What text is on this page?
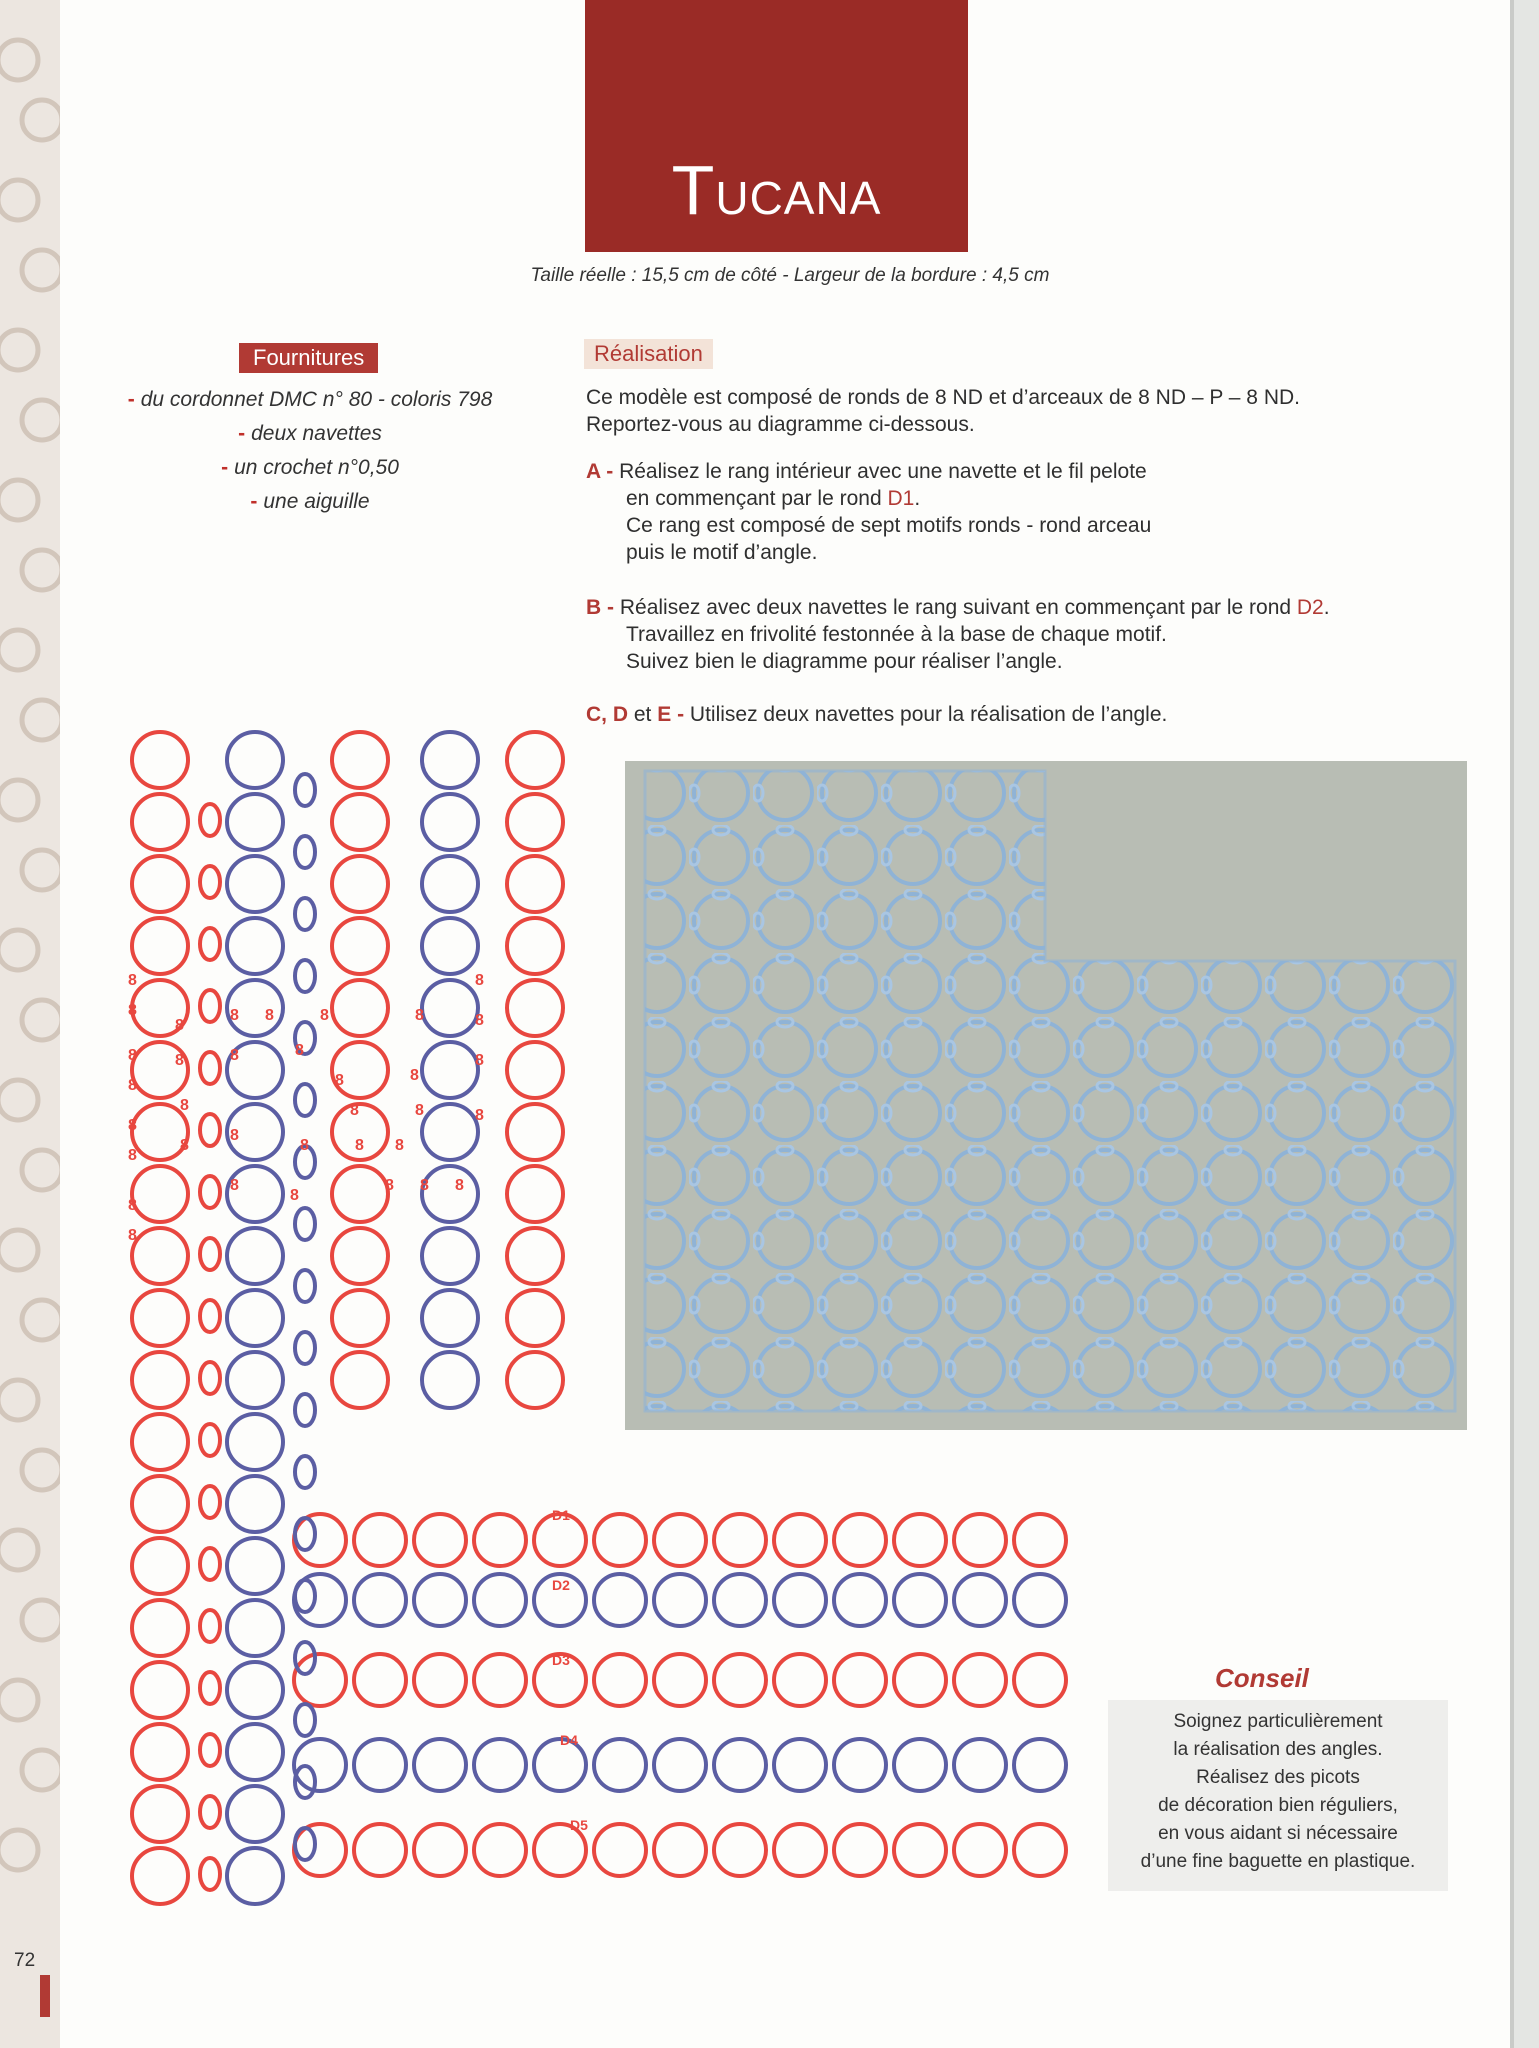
TUCANA
Taille réelle : 15,5 cm de côté - Largeur de la bordure : 4,5 cm
Fournitures
- du cordonnet DMC n° 80 - coloris 798
- deux navettes
- un crochet n°0,50
- une aiguille
Réalisation
Ce modèle est composé de ronds de 8 ND et d’arceaux de 8 ND – P – 8 ND.
Reportez-vous au diagramme ci-dessous.
A - Réalisez le rang intérieur avec une navette et le fil pelote
en commençant par le rond D1.
Ce rang est composé de sept motifs ronds - rond arceau
puis le motif d’angle.
B - Réalisez avec deux navettes le rang suivant en commençant par le rond D2.
Travaillez en frivolité festonnée à la base de chaque motif.
Suivez bien le diagramme pour réaliser l’angle.
C, D et E - Utilisez deux navettes pour la réalisation de l’angle.
8
8
8
8
8
8
8
8
8
8
8
8
8
8 8	8
8
8	8
8
8	8
8
8
8	8 8
8
8
8
8
8
8 8 8
D1
D2
D3
D4
D5
Conseil
Soignez particulièrement
la réalisation des angles.
Réalisez des picots
de décoration bien réguliers,
en vous aidant si nécessaire
d’une fine baguette en plastique.
72
